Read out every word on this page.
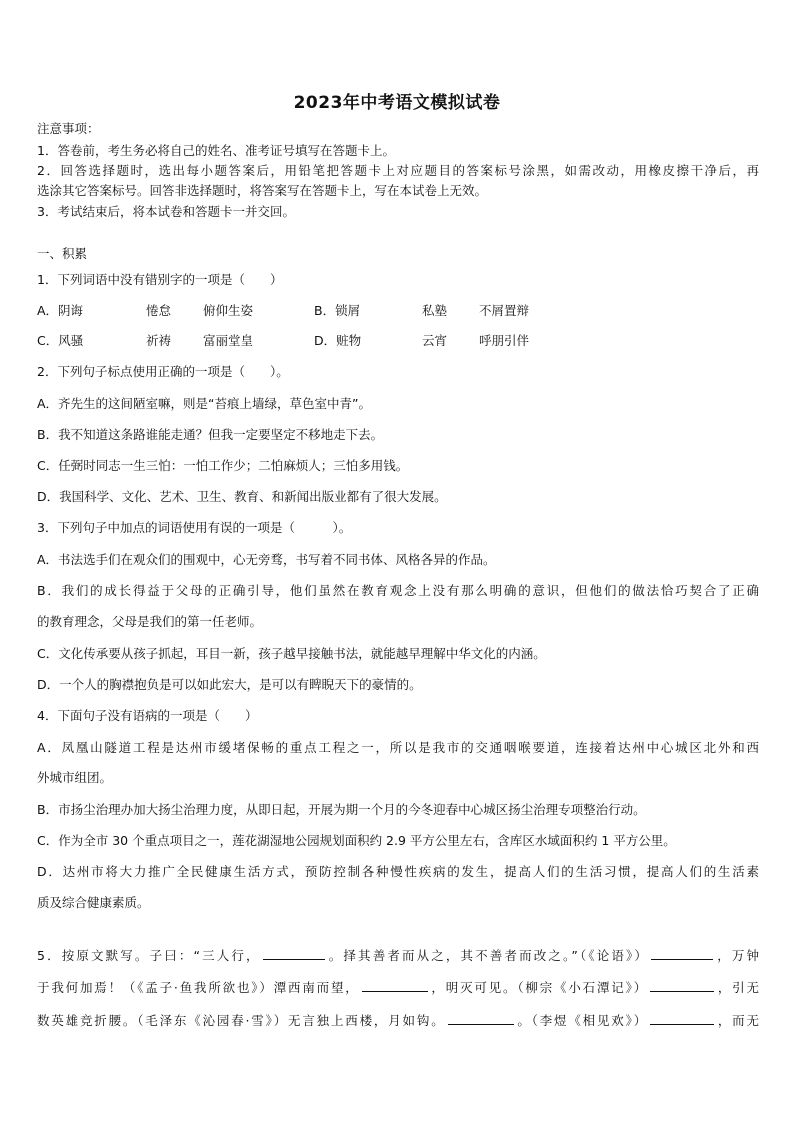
2023年中考语文模拟试卷
注意事项：
1．答卷前，考生务必将自己的姓名、准考证号填写在答题卡上。
2．回答选择题时，选出每小题答案后，用铅笔把答题卡上对应题目的答案标号涂黑，如需改动，用橡皮擦干净后，再
选涂其它答案标号。回答非选择题时，将答案写在答题卡上，写在本试卷上无效。
3．考试结束后，将本试卷和答题卡一并交回。
一、积累
1．下列词语中没有错别字的一项是（　　）
A．阴诲	惓怠	俯仰生姿	B．锁屑	私塾	不屑置辩
C．风骚	祈祷	富丽堂皇	D．赃物	云宵	呼朋引伴
2．下列句子标点使用正确的一项是（　　）。
A．齐先生的这间陋室嘛，则是“苔痕上墙绿，草色室中青”。
B．我不知道这条路谁能走通？但我一定要坚定不移地走下去。
C．任弼时同志一生三怕：一怕工作少；二怕麻烦人；三怕多用钱。
D．我国科学、文化、艺术、卫生、教育、和新闻出版业都有了很大发展。
3．下列句子中加点的词语使用有误的一项是（　　　）。
A．书法选手们在观众们的围观中，心无旁骛，书写着不同书体、风格各异的作品。
B．我们的成长得益于父母的正确引导，他们虽然在教育观念上没有那么明确的意识，但他们的做法恰巧契合了正确
的教育理念，父母是我们的第一任老师。
C．文化传承要从孩子抓起，耳目一新，孩子越早接触书法，就能越早理解中华文化的内涵。
D．一个人的胸襟抱负是可以如此宏大，是可以有睥睨天下的豪情的。
4．下面句子没有语病的一项是（　　）
A．凤凰山隧道工程是达州市缓堵保畅的重点工程之一，所以是我市的交通咽喉要道，连接着达州中心城区北外和西
外城市组团。
B．市扬尘治理办加大扬尘治理力度，从即日起，开展为期一个月的今冬迎春中心城区扬尘治理专项整治行动。
C．作为全市 30 个重点项目之一，莲花湖湿地公园规划面积约 2.9 平方公里左右，含库区水域面积约 1 平方公里。
D．达州市将大力推广全民健康生活方式，预防控制各种慢性疾病的发生，提高人们的生活习惯，提高人们的生活素
质及综合健康素质。
5．按原文默写。子曰：“三人行，	。择其善者而从之，其不善者而改之。”（《论语》）	，万钟
于我何加焉！（《孟子·鱼我所欲也》）潭西南而望，	，明灭可见。（柳宗《小石潭记》）	，引无
数英雄竞折腰。（毛泽东《沁园春·雪》）无言独上西楼，月如钩。	。（李煜《相见欢》）	，而无
